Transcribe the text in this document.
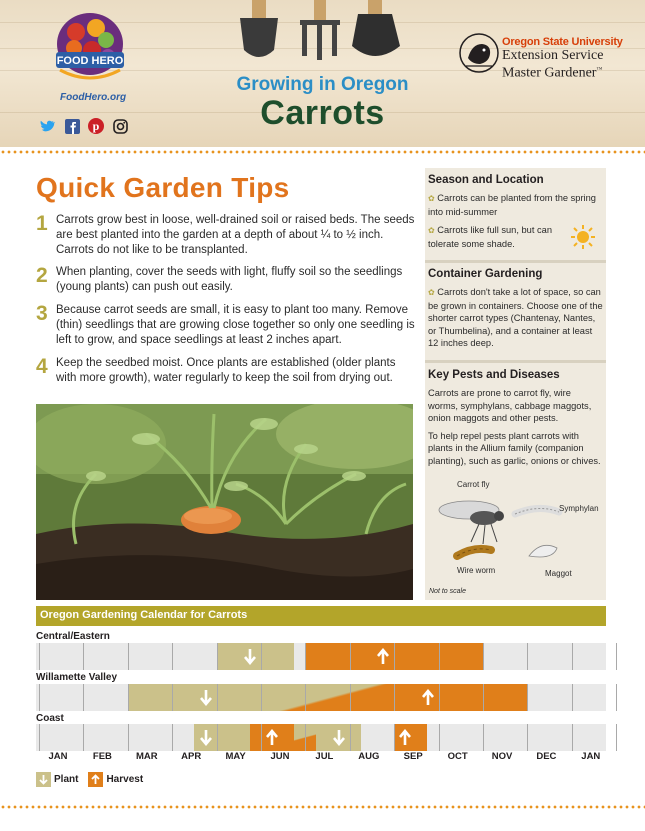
FOOD HERO
FoodHero.org
p
Growing in Oregon
Carrots
Oregon State University
Extension Service
Master Gardener™
Quick Garden Tips
1 Carrots grow best in loose, well-drained soil or raised beds. The seeds are best planted into the garden at a depth of about ¼ to ½ inch. Carrots do not like to be transplanted.
2 When planting, cover the seeds with light, fluffy soil so the seedlings (young plants) can push out easily.
3 Because carrot seeds are small, it is easy to plant too many. Remove (thin) seedlings that are growing close together so only one seedling is left to grow, and space seedlings at least 2 inches apart.
4 Keep the seedbed moist. Once plants are established (older plants with more growth), water regularly to keep the soil from drying out.
Season and Location
✿ Carrots can be planted from the spring into mid-summer
✿ Carrots like full sun, but can tolerate some shade.
Container Gardening
✿ Carrots don't take a lot of space, so can be grown in containers. Choose one of the shorter carrot types (Chantenay, Nantes, or Thumbelina), and a container at least 12 inches deep.
Key Pests and Diseases
Carrots are prone to carrot fly, wire worms, symphylans, cabbage maggots, onion maggots and other pests.
To help repel pests plant carrots with plants in the Allium family (companion planting), such as garlic, onions or chives.
Carrot fly
Symphylan
Wire worm	Maggot
Not to scale
Oregon Gardening Calendar for Carrots
Central/Eastern
Willamette Valley
Coast
JAN	FEB	MAR	APR	MAY	JUN	JUL	AUG	SEP	OCT	NOV	DEC	JAN
Plant	Harvest
